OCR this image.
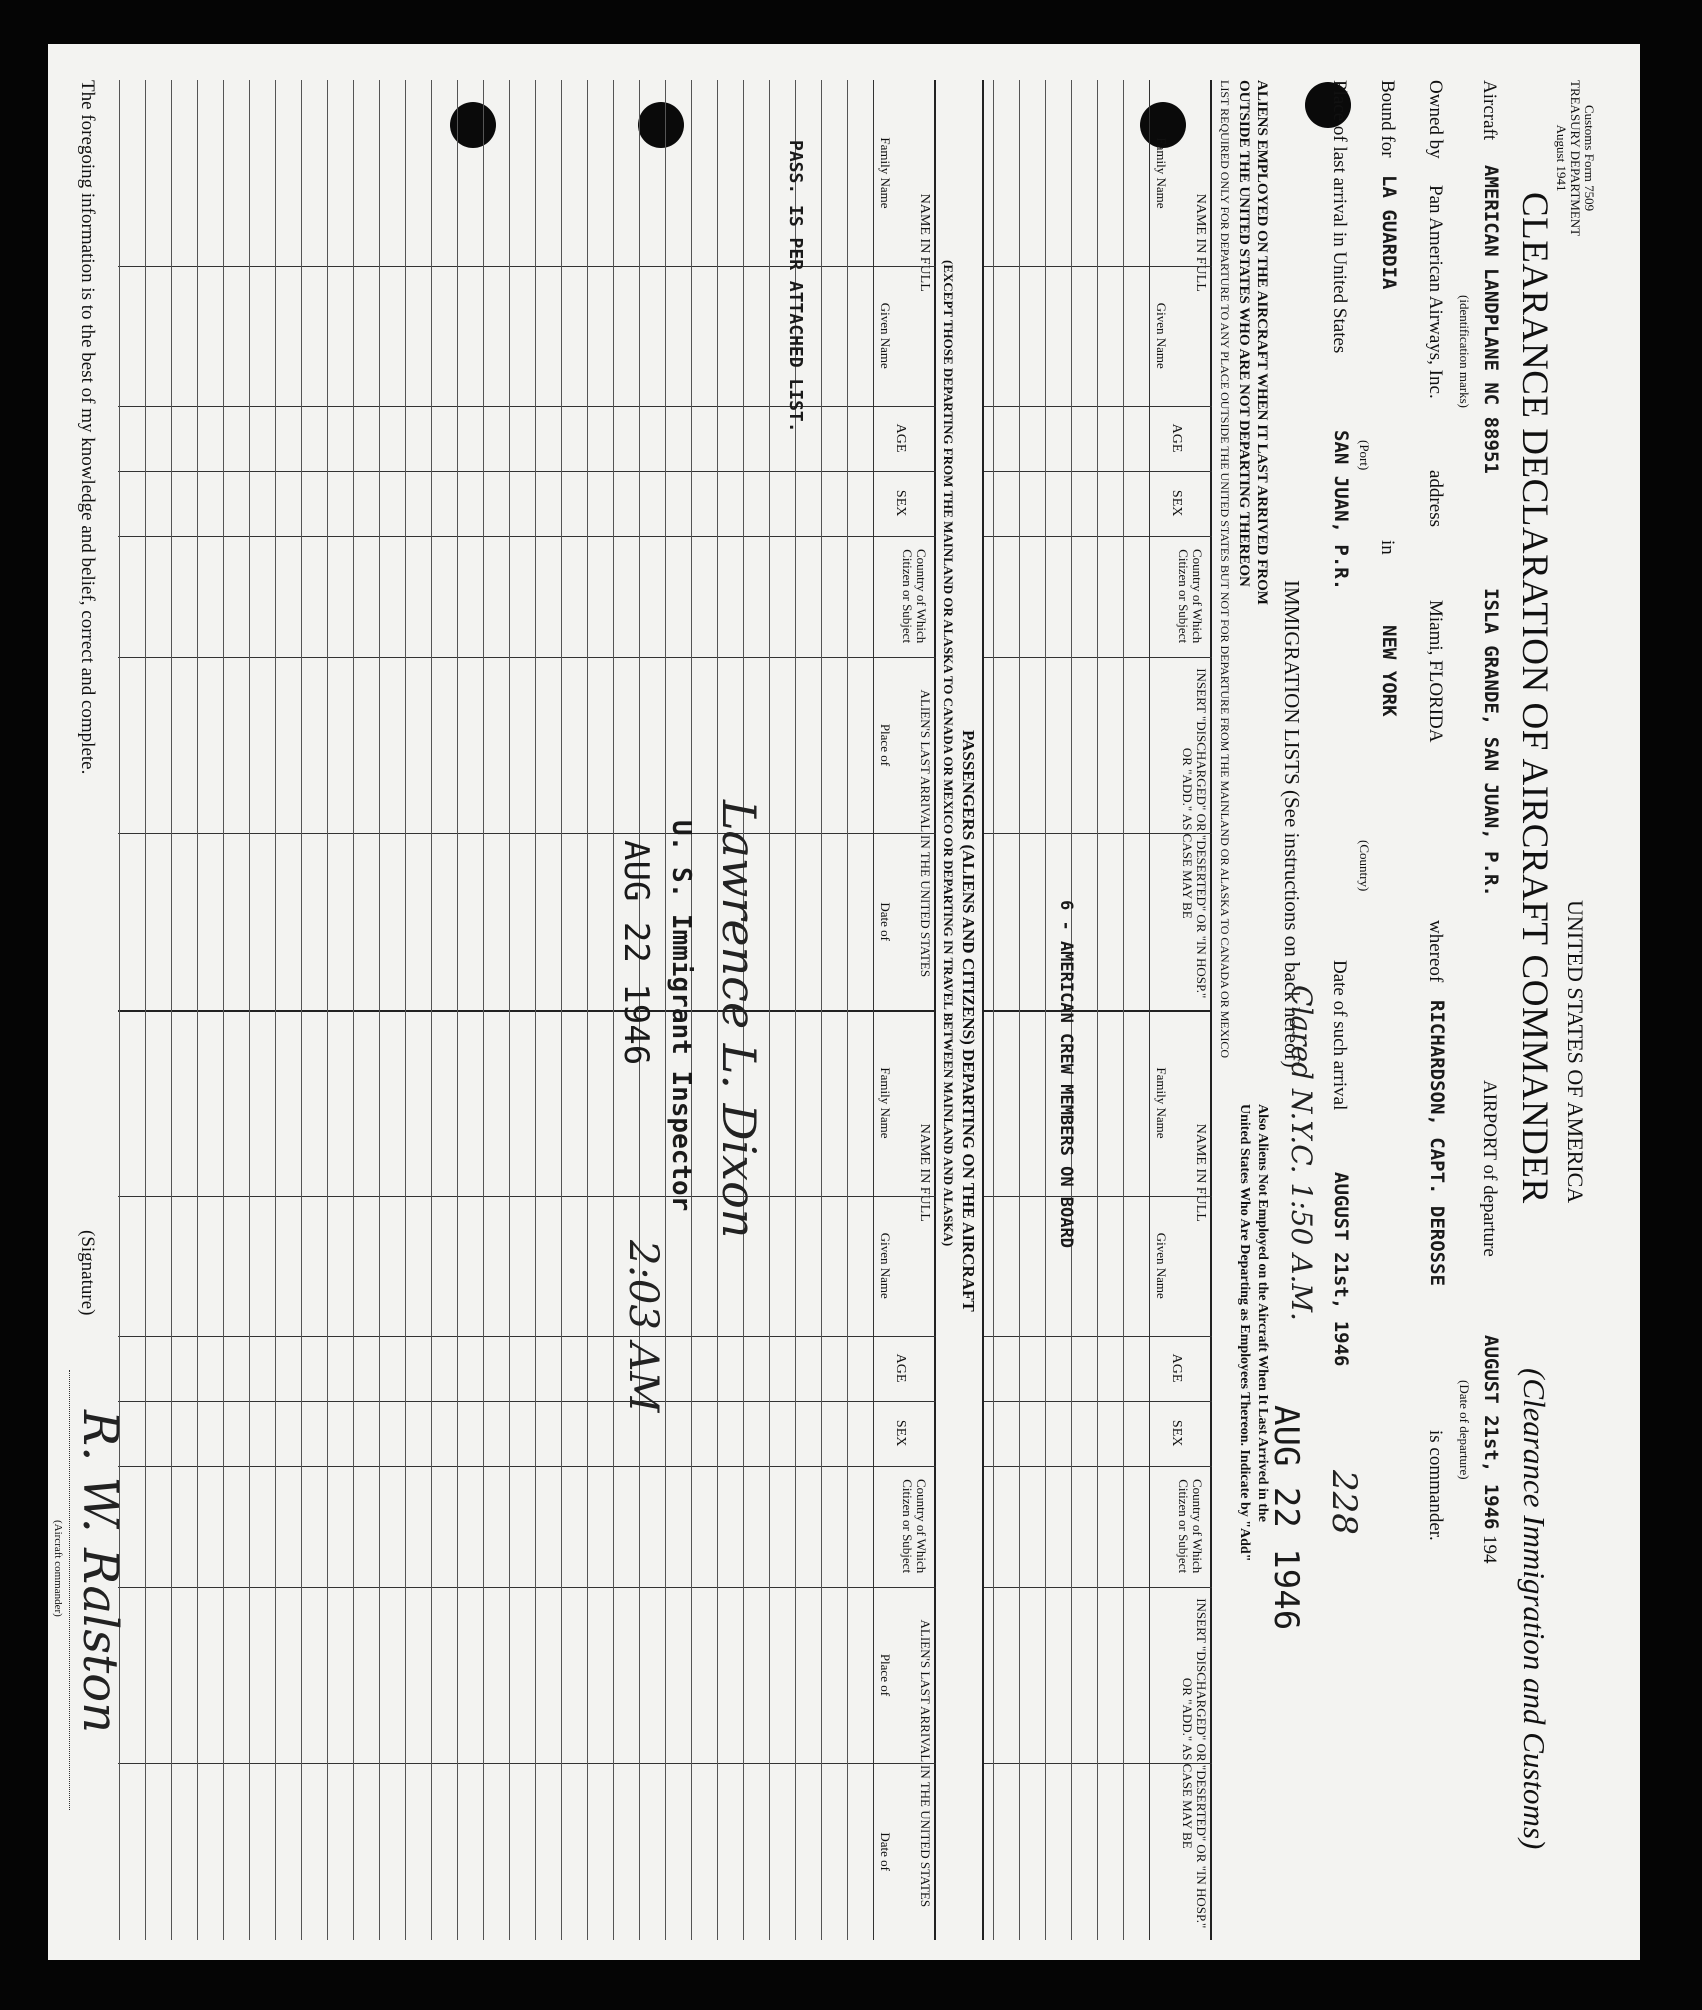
Customs Form 7509
TREASURY DEPARTMENT
August 1941
UNITED STATES OF AMERICA
CLEARANCE DECLARATION OF AIRCRAFT COMMANDER
(Clearance Immigration and Customs)
Aircraft
AMERICAN LANDPLANE NC 88951
(identification marks)
ISLA GRANDE, SAN JUAN, P.R.
AIRPORT of departure
AUGUST 21st, 1946
194
(Date of departure)
Owned by
Pan American Airways, Inc.
address
Miami, FLORIDA
whereof
RICHARDSON, CAPT. DEROSSE
is commander.
Bound for
LA GUARDIA
(Port)
in
NEW YORK
(Country)
Place of last arrival in United States
SAN JUAN, P.R.
Date of such arrival
AUGUST 21st, 1946
228
IMMIGRATION LISTS (See instructions on back hereof)
Clared N.Y.C. 1:50 A.M.
AUG 22 1946
ALIENS EMPLOYED ON THE AIRCRAFT WHEN IT LAST ARRIVED FROM
OUTSIDE THE UNITED STATES WHO ARE NOT DEPARTING THEREON
Also Aliens Not Employed on the Aircraft When It Last Arrived in the
United States Who Are Departing as Employees Thereon. Indicate by "Add"
LIST REQUIRED ONLY FOR DEPARTURE TO ANY PLACE OUTSIDE THE UNITED STATES BUT NOT FOR DEPARTURE FROM THE MAINLAND OR ALASKA TO CANADA OR MEXICO
NAME IN FULL
Family Name
Given Name
AGE
SEX
Country of Which Citizen or Subject
INSERT "DISCHARGED" OR "DESERTED" OR "IN HOSP." OR "ADD." AS CASE MAY BE
NAME IN FULL
Family Name
Given Name
AGE
SEX
Country of Which Citizen or Subject
INSERT "DISCHARGED" OR "DESERTED" OR "IN HOSP." OR "ADD." AS CASE MAY BE
6 - AMERICAN CREW MEMBERS ON BOARD
PASSENGERS (ALIENS AND CITIZENS) DEPARTING ON THE AIRCRAFT
(EXCEPT THOSE DEPARTING FROM THE MAINLAND OR ALASKA TO CANADA OR MEXICO OR DEPARTING IN TRAVEL BETWEEN MAINLAND AND ALASKA)
NAME IN FULL
Family Name
Given Name
AGE
SEX
Country of Which Citizen or Subject
ALIEN'S LAST ARRIVAL IN THE UNITED STATES
Place of
Date of
NAME IN FULL
Family Name
Given Name
AGE
SEX
Country of Which Citizen or Subject
ALIEN'S LAST ARRIVAL IN THE UNITED STATES
Place of
Date of
PASS. IS PER ATTACHED LIST.
Lawrence L. Dixon
U. S. Immigrant Inspector
AUG 22 1946
2:03 AM
The foregoing information is to the best of my knowledge and belief, correct and complete.
(Signature)
R. W. Ralston
(Aircraft commander)
